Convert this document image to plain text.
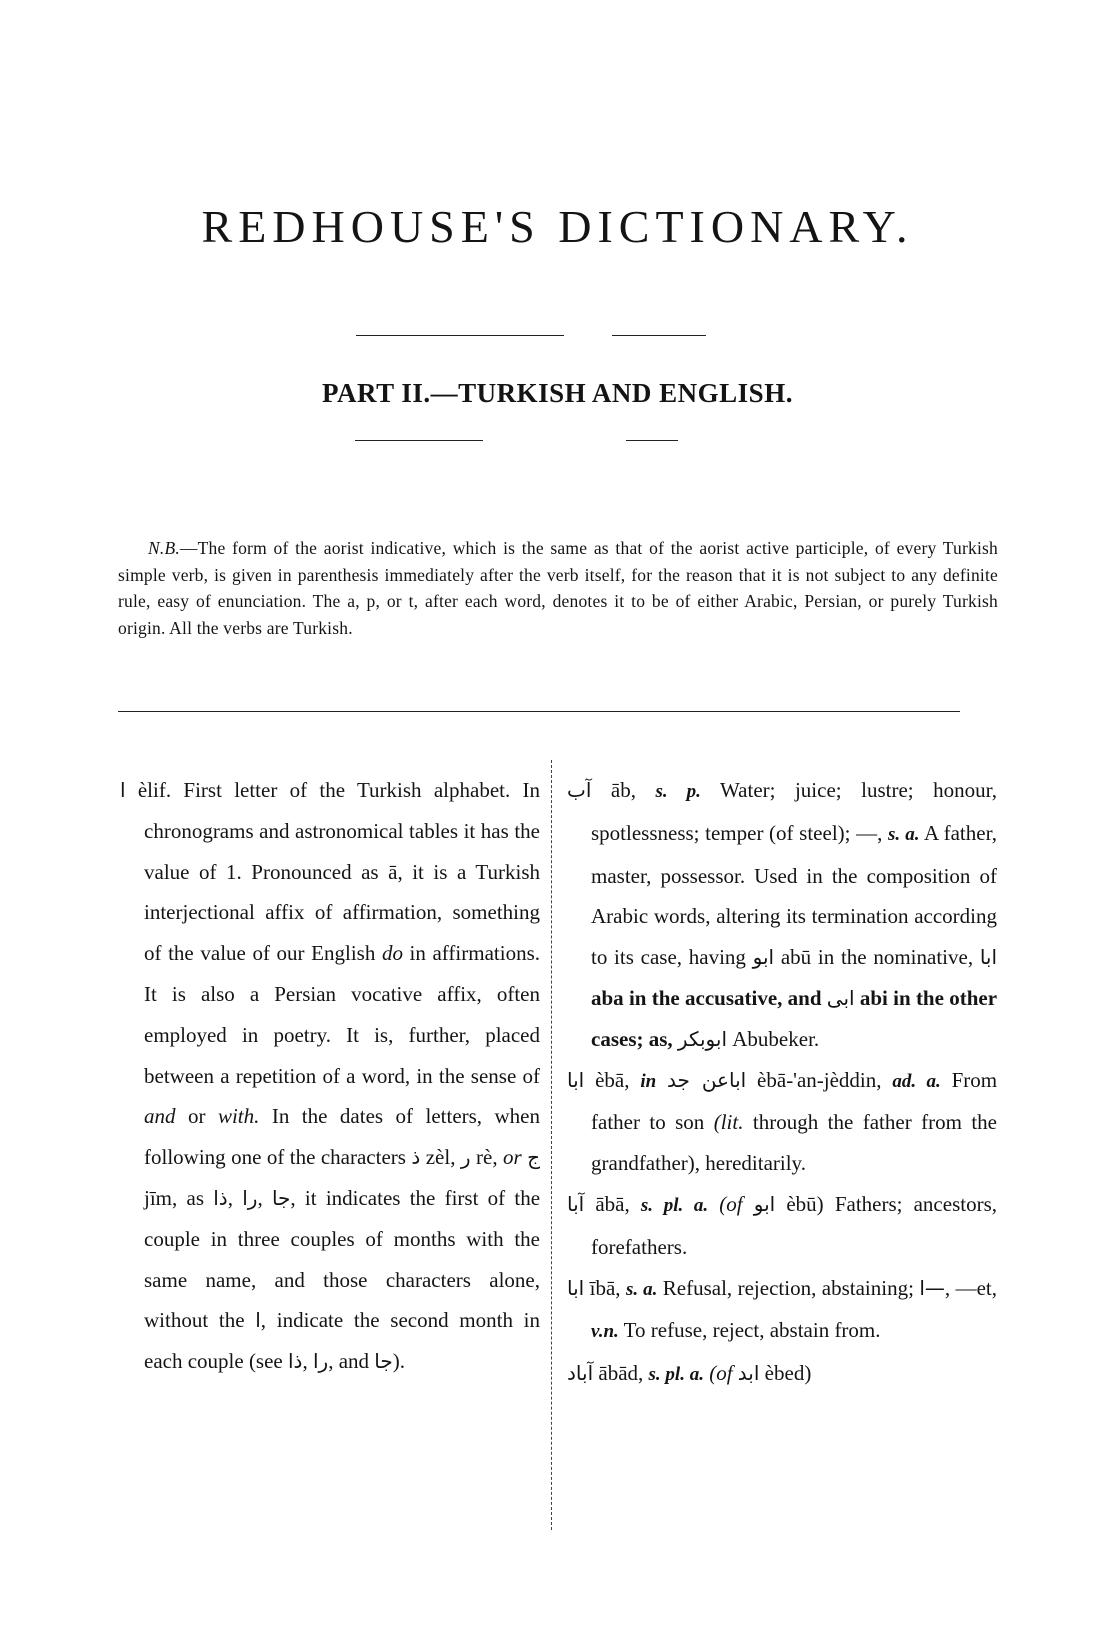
REDHOUSE'S DICTIONARY.
PART II.—TURKISH AND ENGLISH.

N.B.—The form of the aorist indicative, which is the same as that of the aorist active participle, of every Turkish simple verb, is given in parenthesis immediately after the verb itself, for the reason that it is not subject to any definite rule, easy of enunciation. The a, p, or t, after each word, denotes it to be of either Arabic, Persian, or purely Turkish origin. All the verbs are Turkish.

ا èlif. First letter of the Turkish alphabet. In chronograms and astronomical tables it has the value of 1. Pronounced as ā, it is a Turkish interjectional affix of affirmation, something of the value of our English do in affirmations. It is also a Persian vocative affix, often employed in poetry. It is, further, placed between a repetition of a word, in the sense of and or with. In the dates of letters, when following one of the characters ذ zèl, ر rè, or ج jīm, as ذا, را, جا, it indicates the first of the couple in three couples of months with the same name, and those characters alone, without the ا, indicate the second month in each couple (see ذا, را, and جا).

آب āb, s. p. Water; juice; lustre; honour, spotlessness; temper (of steel); —, s. a. A father, master, possessor. Used in the composition of Arabic words, altering its termination according to its case, having ابو abū in the nominative, ابا aba in the accusative, and ابى abi in the other cases; as, ابوبكر Abubeker.

ابا èbā, in اباعن جد èbā-'an-jèddin, ad. a. From father to son (lit. through the father from the grandfather), hereditarily.

آبا ābā, s. pl. a. (of ابو èbū) Fathers; ancestors, forefathers.

ابا ībā, s. a. Refusal, rejection, abstaining; ا—, —et, v.n. To refuse, reject, abstain from.

آباد ābād, s. pl. a. (of ابد èbed)
